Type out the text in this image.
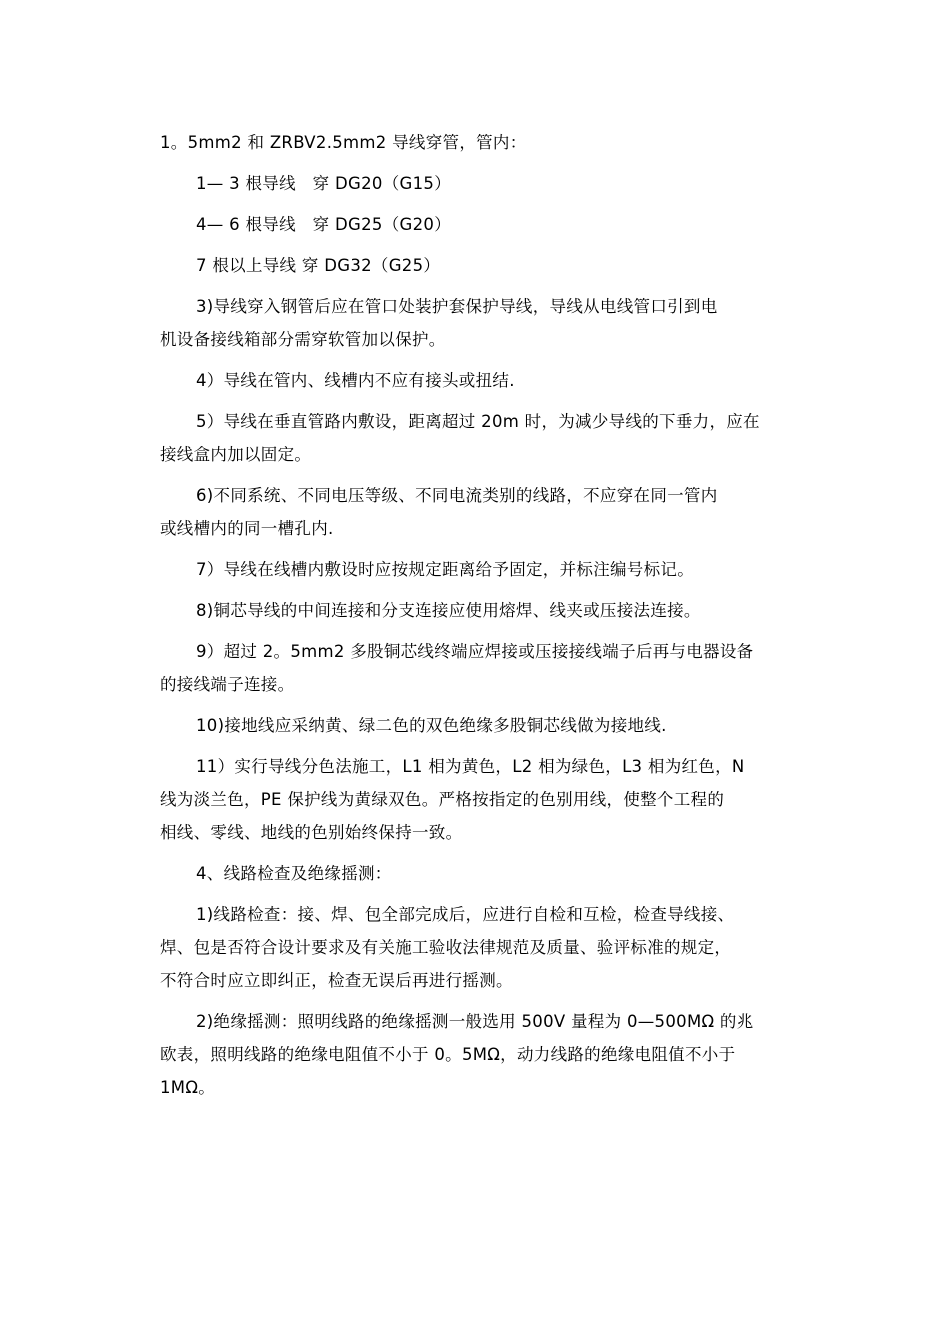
1。5mm2 和 ZRBV2.5mm2 导线穿管，管内：

1— 3 根导线　穿 DG20（G15）

4— 6 根导线　穿 DG25（G20）

7 根以上导线 穿 DG32（G25）

3)导线穿入钢管后应在管口处装护套保护导线，导线从电线管口引到电
机设备接线箱部分需穿软管加以保护。

4）导线在管内、线槽内不应有接头或扭结.

5）导线在垂直管路内敷设，距离超过 20m 时，为减少导线的下垂力，应在
接线盒内加以固定。

6)不同系统、不同电压等级、不同电流类别的线路，不应穿在同一管内
或线槽内的同一槽孔内.

7）导线在线槽内敷设时应按规定距离给予固定，并标注编号标记。

8)铜芯导线的中间连接和分支连接应使用熔焊、线夹或压接法连接。

9）超过 2。5mm2 多股铜芯线终端应焊接或压接接线端子后再与电器设备
的接线端子连接。

10)接地线应采纳黄、绿二色的双色绝缘多股铜芯线做为接地线.

11）实行导线分色法施工，L1 相为黄色，L2 相为绿色，L3 相为红色，N
线为淡兰色，PE 保护线为黄绿双色。严格按指定的色别用线，使整个工程的
相线、零线、地线的色别始终保持一致。

4、线路检查及绝缘摇测：

1)线路检查：接、焊、包全部完成后，应进行自检和互检，检查导线接、
焊、包是否符合设计要求及有关施工验收法律规范及质量、验评标准的规定，
不符合时应立即纠正，检查无误后再进行摇测。

2)绝缘摇测：照明线路的绝缘摇测一般选用 500V 量程为 0—500MΩ 的兆
欧表，照明线路的绝缘电阻值不小于 0。5MΩ，动力线路的绝缘电阻值不小于
1MΩ。
